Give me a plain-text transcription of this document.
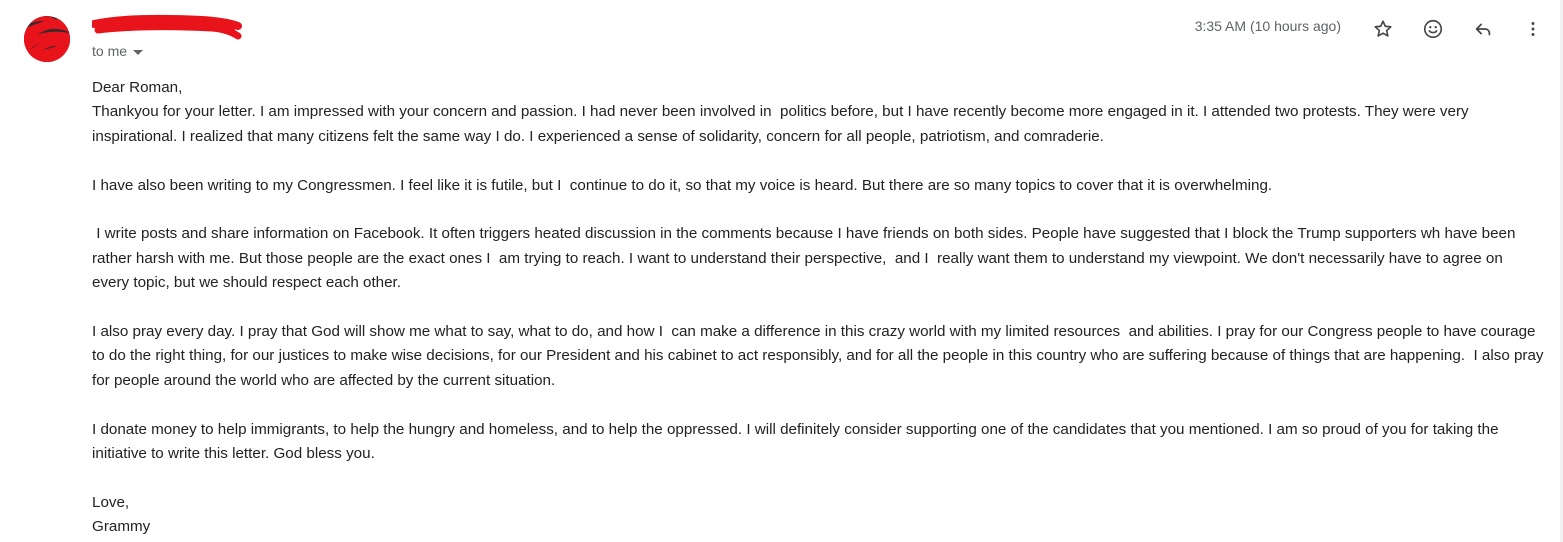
to me
3:35 AM (10 hours ago)

Dear Roman,

Thankyou for your letter. I am impressed with your concern and passion. I had never been involved in  politics before, but I have recently become more engaged in it. I attended two protests. They were very inspirational. I realized that many citizens felt the same way I do. I experienced a sense of solidarity, concern for all people, patriotism, and comraderie.

I have also been writing to my Congressmen. I feel like it is futile, but I  continue to do it, so that my voice is heard. But there are so many topics to cover that it is overwhelming.

I write posts and share information on Facebook. It often triggers heated discussion in the comments because I have friends on both sides. People have suggested that I block the Trump supporters wh have been rather harsh with me. But those people are the exact ones I  am trying to reach. I want to understand their perspective,  and I  really want them to understand my viewpoint. We don't necessarily have to agree on every topic, but we should respect each other.

I also pray every day. I pray that God will show me what to say, what to do, and how I  can make a difference in this crazy world with my limited resources  and abilities. I pray for our Congress people to have courage to do the right thing, for our justices to make wise decisions, for our President and his cabinet to act responsibly, and for all the people in this country who are suffering because of things that are happening.  I also pray for people around the world who are affected by the current situation.

I donate money to help immigrants, to help the hungry and homeless, and to help the oppressed. I will definitely consider supporting one of the candidates that you mentioned. I am so proud of you for taking the initiative to write this letter. God bless you.

Love,

Grammy
